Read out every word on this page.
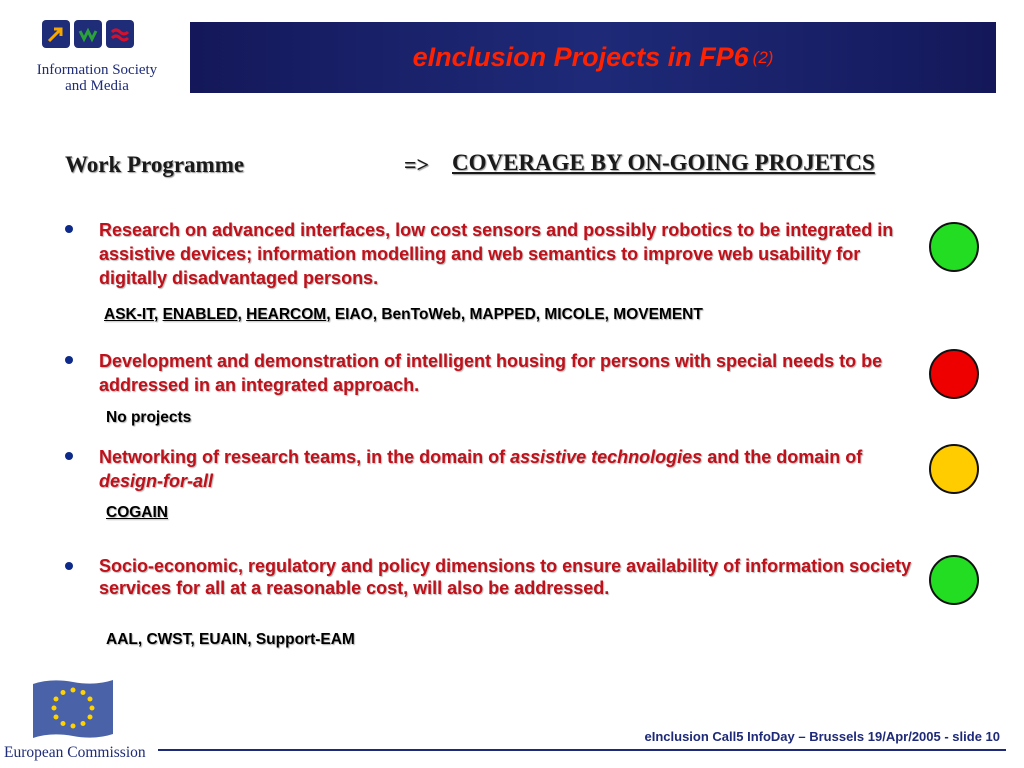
Information Society
and Media
eInclusion Projects in FP6 (2)
Work Programme	=> COVERAGE BY ON-GOING PROJETCS
Research on advanced interfaces, low cost sensors and possibly robotics to be integrated in assistive devices; information modelling and web semantics to improve web usability for digitally disadvantaged persons.
ASK-IT, ENABLED, HEARCOM, EIAO, BenToWeb, MAPPED, MICOLE, MOVEMENT
Development and demonstration of intelligent housing for persons with special needs to be addressed in an integrated approach.
No projects
Networking of research teams, in the domain of assistive technologies and the domain of design-for-all
COGAIN
Socio-economic, regulatory and policy dimensions to ensure availability of information society services for all at a reasonable cost, will also be addressed.
AAL, CWST, EUAIN, Support-EAM
European Commission
eInclusion Call5 InfoDay – Brussels 19/Apr/2005 - slide 10
